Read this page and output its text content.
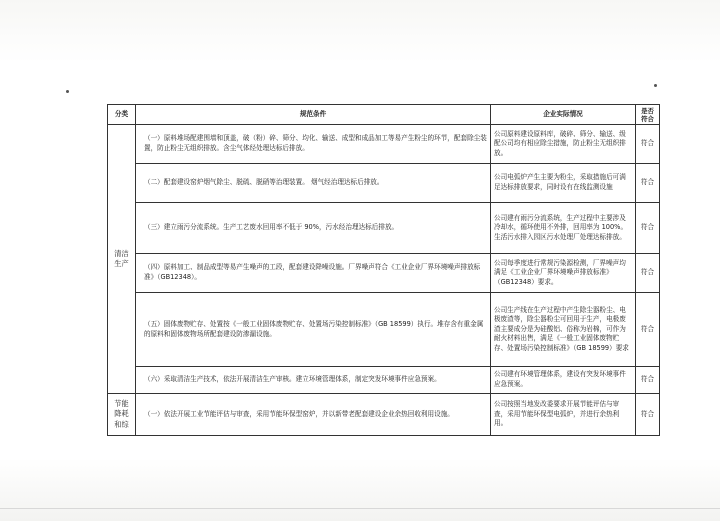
分类	规范条件	企业实际情况	是否
符合
清洁
生产	（一）原料堆场配建围墙和顶盖，破（粉）碎、筛分、均化、输送、成型和成品加工等易产生粉尘的环节，配套除尘装置，防止粉尘无组织排放。含尘气体经处理达标后排放。	公司原料建设原料库，破碎、筛分、输送、级配公司均有相应除尘措施，防止粉尘无组织排放。	符合
	（二）配套建设窑炉烟气除尘、脱硫、脱硝等治理装置。 烟气经治理达标后排放。	公司电弧炉产生主要为粉尘，采取措施后可满足达标排放要求，同时设有在线监测设施	符合
	（三）建立雨污分流系统。生产工艺废水回用率不低于 90%，污水经治理达标后排放。	公司建有雨污分流系统，生产过程中主要涉及冷却水，循环使用不外排，回用率为 100%。生活污水排入园区污水处理厂处理达标排放。	符合
	（四）原料加工、制品成型等易产生噪声的工段，配套建设降噪设施。厂界噪声符合《工业企业厂界环境噪声排放标准》（GB12348）。	公司每季度进行常规污染源检测，厂界噪声均满足《工业企业厂界环境噪声排放标准》（GB12348）要求。	符合
	（五）固体废物贮存、处置按《一般工业固体废物贮存、处置场污染控制标准》（GB 18599）执行。堆存含有重金属的原料和固体废物场所配套建设防渗漏设施。	公司生产线在生产过程中产生除尘器粉尘、电极废渣等，除尘器粉尘可回用于生产，电极废渣主要成分是为硅酸铝、俗称为岩棉，可作为耐火材料出售，满足《一般工业固体废物贮存、处置场污染控制标准》（GB 18599）要求	符合
	（六）采取清洁生产技术，依法开展清洁生产审核。建立环境管理体系，制定突发环境事件应急预案。	公司建有环境管理体系，建设有突发环境事件应急预案。	符合
节能
降耗
和综	（一）依法开展工业节能评估与审查，采用节能环保型窑炉，并以新带老配套建设企业余热回收利用设施。	公司按照当地发改委要求开展节能评估与审查，采用节能环保型电弧炉，并进行余热利用。	符合
